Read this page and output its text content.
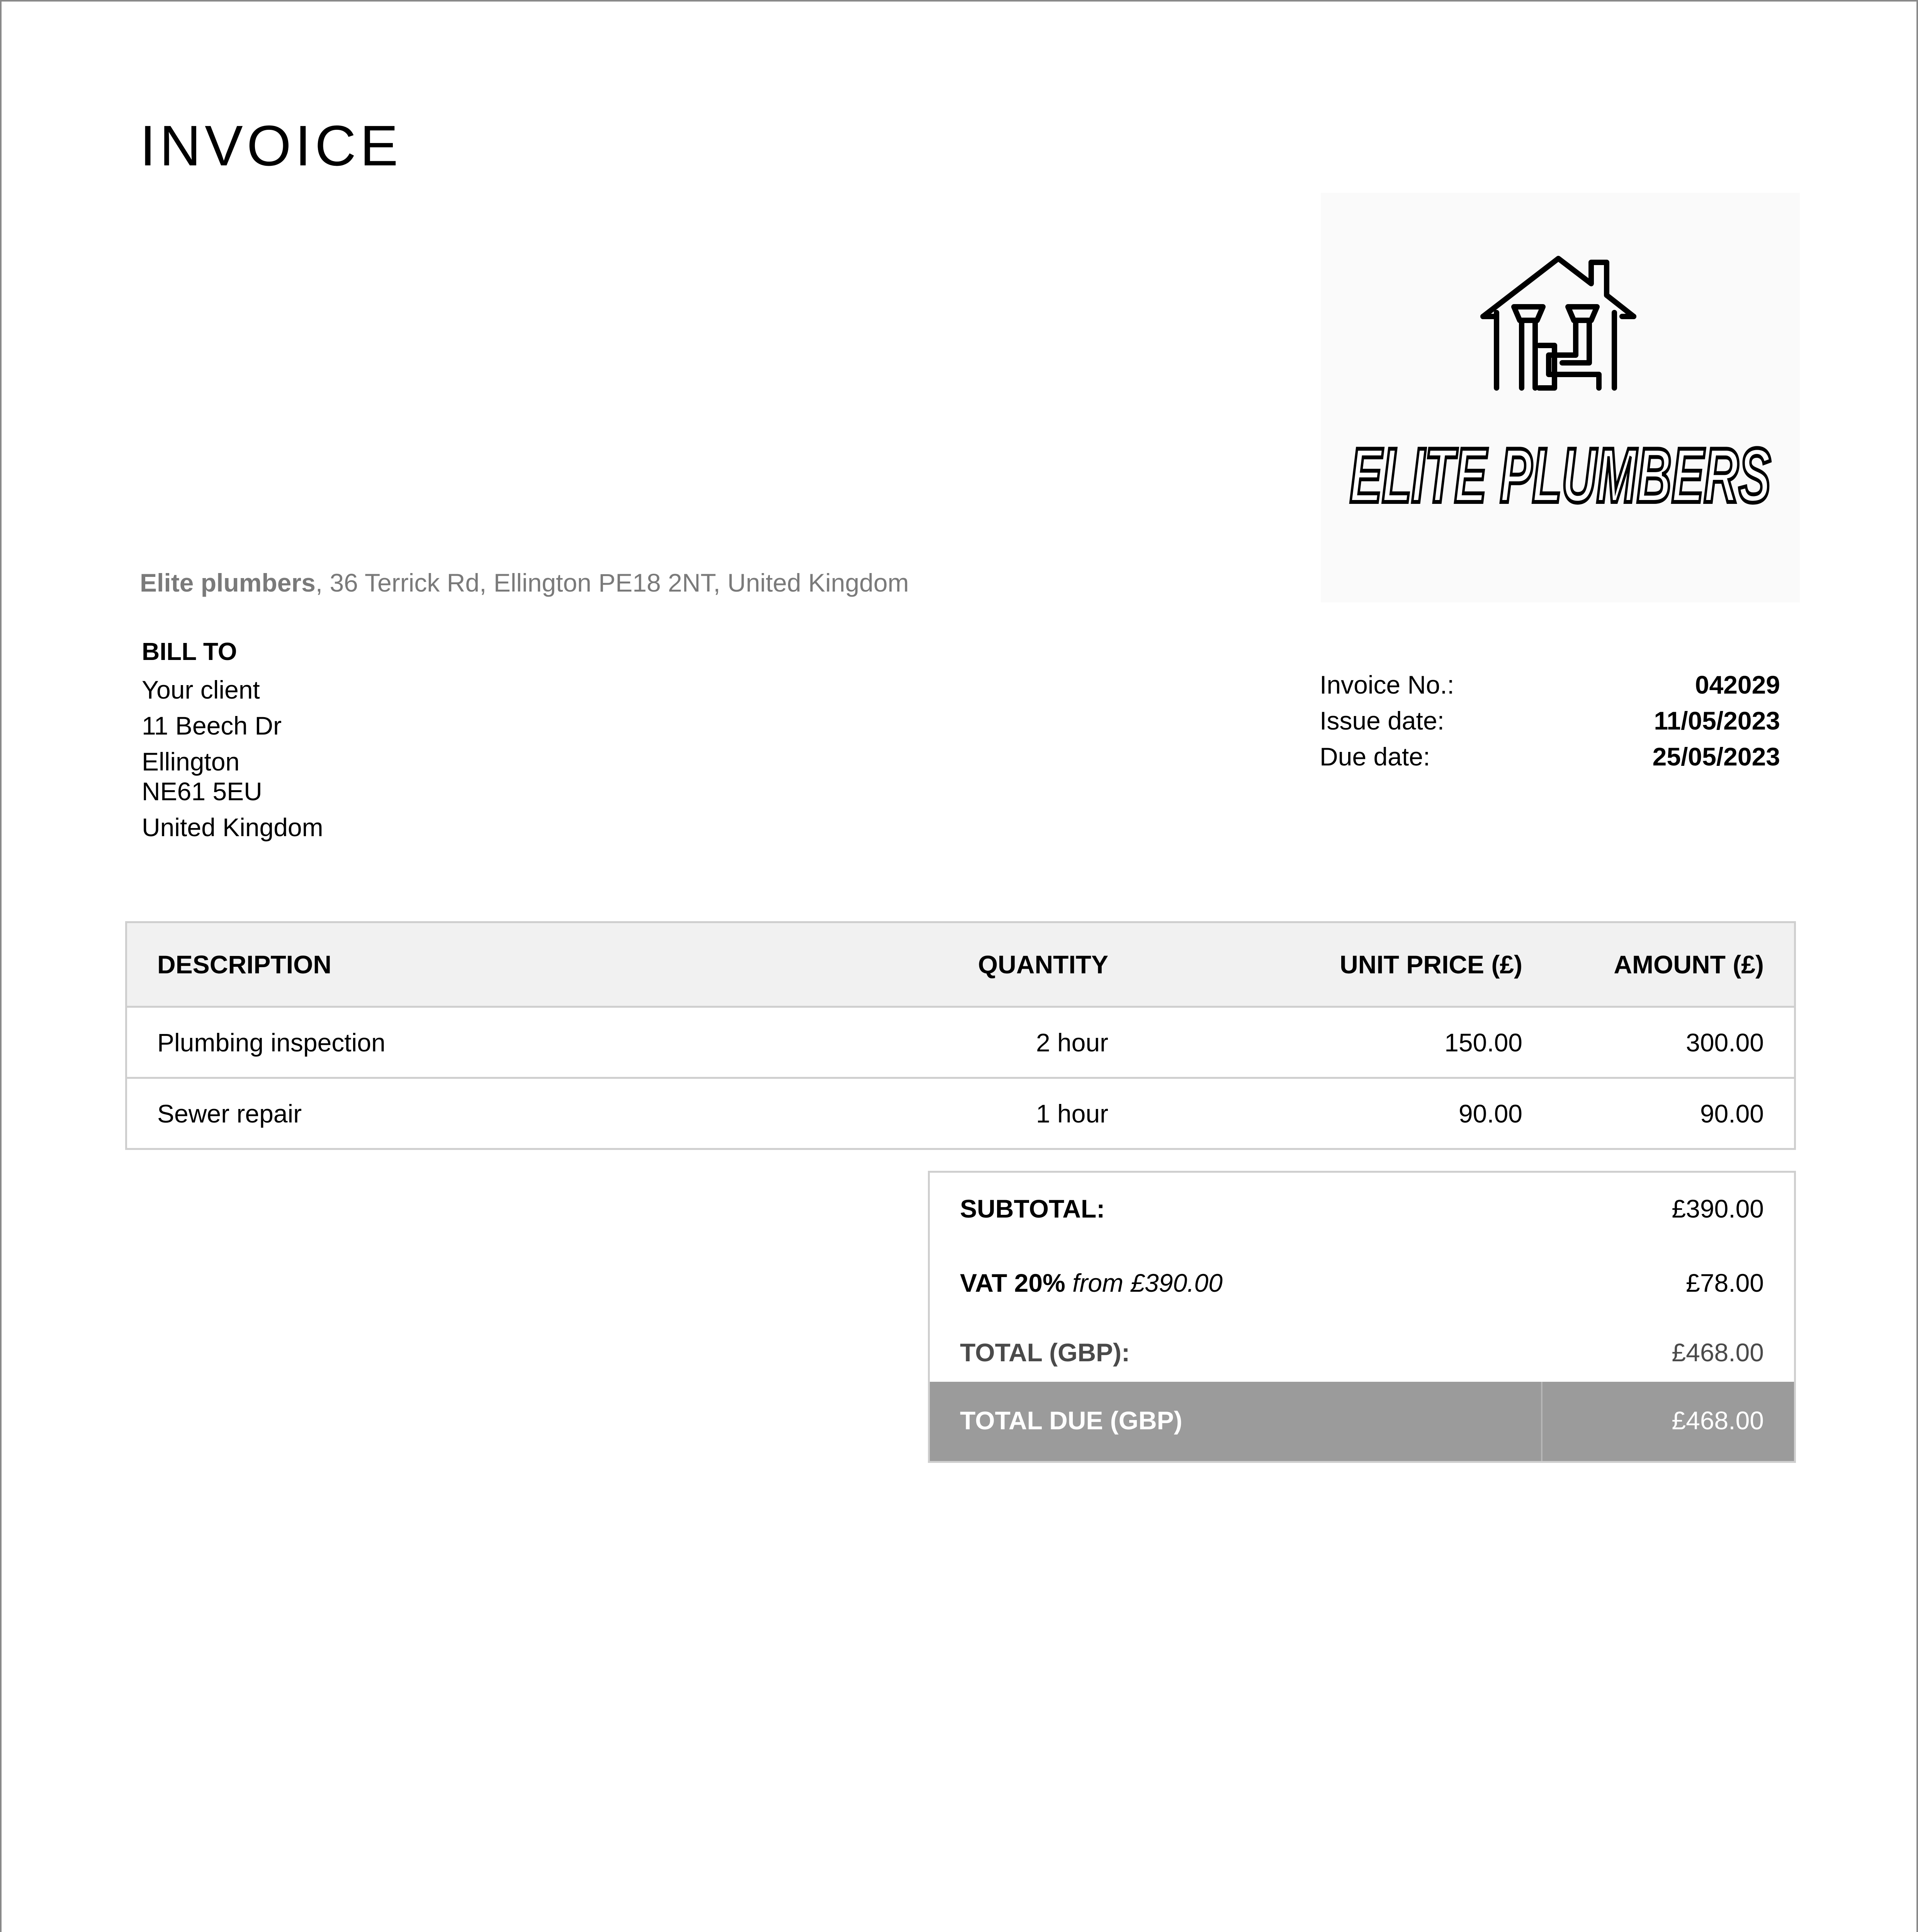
INVOICE
ELITE PLUMBERS
Elite plumbers, 36 Terrick Rd, Ellington PE18 2NT, United Kingdom
BILL TO
Your client
11 Beech Dr
Ellington
NE61 5EU
United Kingdom
Invoice No.:	042029
Issue date:	11/05/2023
Due date:	25/05/2023
DESCRIPTION	QUANTITY	UNIT PRICE (£)	AMOUNT (£)
Plumbing inspection	2 hour	150.00	300.00
Sewer repair	1 hour	90.00	90.00
SUBTOTAL:	£390.00
VAT 20% from £390.00	£78.00
TOTAL (GBP):	£468.00
TOTAL DUE (GBP)	£468.00
